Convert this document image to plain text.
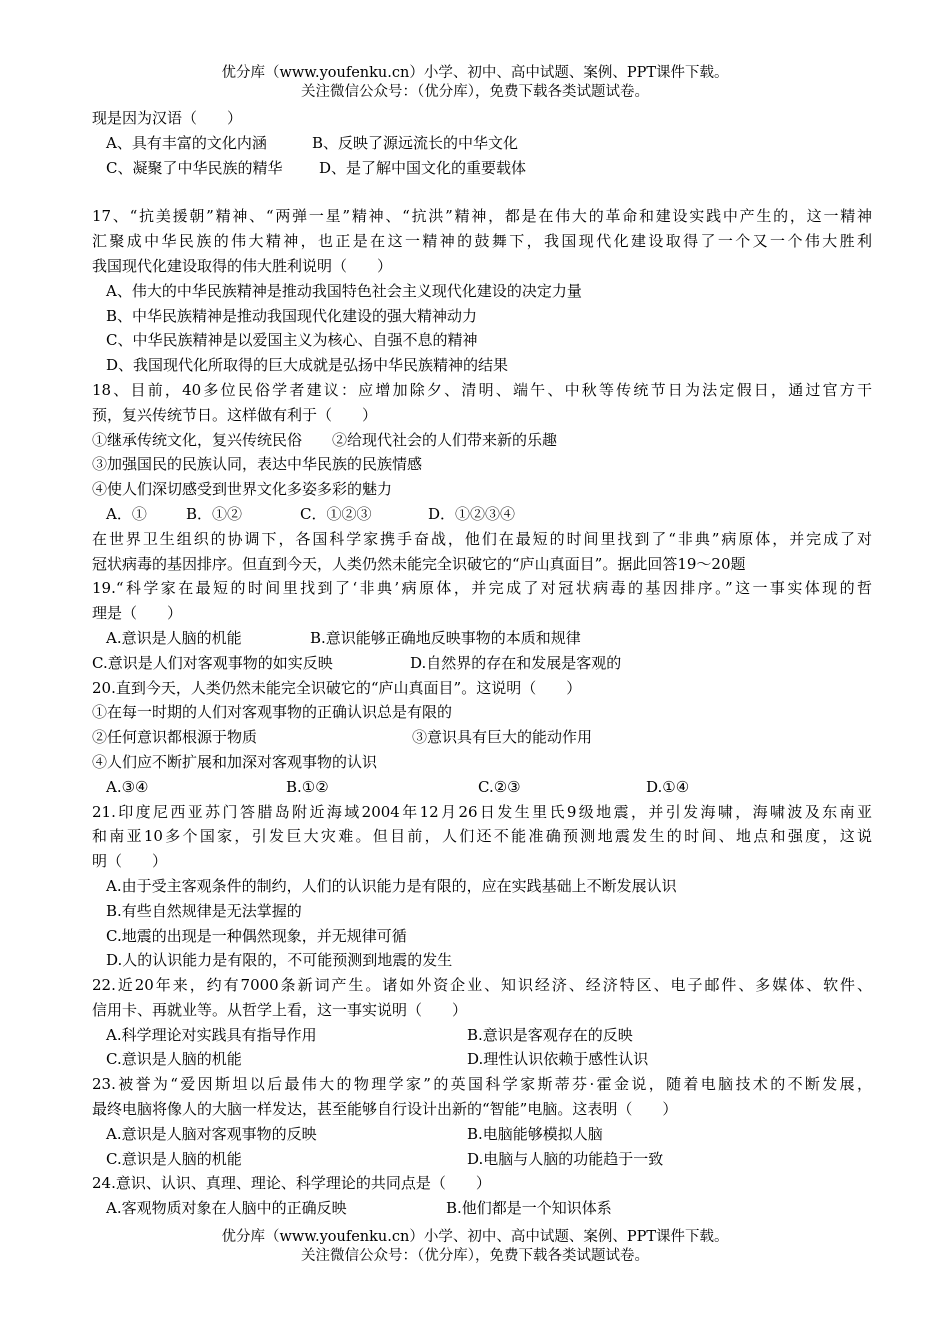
优分库（www.youfenku.cn）小学、初中、高中试题、案例、PPT课件下载。
关注微信公众号：（优分库），免费下载各类试题试卷。
现是因为汉语（　　）
A、具有丰富的文化内涵	B、反映了源远流长的中华文化
C、凝聚了中华民族的精华	D、是了解中国文化的重要载体
17、“抗美援朝”精神、“两弹一星”精神、“抗洪”精神，都是在伟大的革命和建设实践中产生的，这一精神
汇聚成中华民族的伟大精神，也正是在这一精神的鼓舞下，我国现代化建设取得了一个又一个伟大胜利
我国现代化建设取得的伟大胜利说明（　　）
A、伟大的中华民族精神是推动我国特色社会主义现代化建设的决定力量
B、中华民族精神是推动我国现代化建设的强大精神动力
C、中华民族精神是以爱国主义为核心、自强不息的精神
D、我国现代化所取得的巨大成就是弘扬中华民族精神的结果
18、目前，40多位民俗学者建议：应增加除夕、清明、端午、中秋等传统节日为法定假日，通过官方干
预，复兴传统节日。这样做有利于（　　）
①继承传统文化，复兴传统民俗　　②给现代社会的人们带来新的乐趣
③加强国民的民族认同，表达中华民族的民族情感
④使人们深切感受到世界文化多姿多彩的魅力
A．①	B．①②	C．①②③	D．①②③④
在世界卫生组织的协调下，各国科学家携手奋战，他们在最短的时间里找到了“非典”病原体，并完成了对
冠状病毒的基因排序。但直到今天，人类仍然未能完全识破它的“庐山真面目”。据此回答19～20题
19.“科学家在最短的时间里找到了‘非典’病原体，并完成了对冠状病毒的基因排序。”这一事实体现的哲
理是（　　）
A.意识是人脑的机能	B.意识能够正确地反映事物的本质和规律
C.意识是人们对客观事物的如实反映	D.自然界的存在和发展是客观的
20.直到今天，人类仍然未能完全识破它的“庐山真面目”。这说明（　　）
①在每一时期的人们对客观事物的正确认识总是有限的
②任何意识都根源于物质	③意识具有巨大的能动作用
④人们应不断扩展和加深对客观事物的认识
A.③④	B.①②	C.②③	D.①④
21.印度尼西亚苏门答腊岛附近海域2004年12月26日发生里氏9级地震，并引发海啸，海啸波及东南亚
和南亚10多个国家，引发巨大灾难。但目前，人们还不能准确预测地震发生的时间、地点和强度，这说
明（　　）
A.由于受主客观条件的制约，人们的认识能力是有限的，应在实践基础上不断发展认识
B.有些自然规律是无法掌握的
C.地震的出现是一种偶然现象，并无规律可循
D.人的认识能力是有限的，不可能预测到地震的发生
22.近20年来，约有7000条新词产生。诸如外资企业、知识经济、经济特区、电子邮件、多媒体、软件、
信用卡、再就业等。从哲学上看，这一事实说明（　　）
A.科学理论对实践具有指导作用	B.意识是客观存在的反映
C.意识是人脑的机能	D.理性认识依赖于感性认识
23.被誉为“爱因斯坦以后最伟大的物理学家”的英国科学家斯蒂芬·霍金说，随着电脑技术的不断发展，
最终电脑将像人的大脑一样发达，甚至能够自行设计出新的“智能”电脑。这表明（　　）
A.意识是人脑对客观事物的反映	B.电脑能够模拟人脑
C.意识是人脑的机能	D.电脑与人脑的功能趋于一致
24.意识、认识、真理、理论、科学理论的共同点是（　　）
A.客观物质对象在人脑中的正确反映	B.他们都是一个知识体系
优分库（www.youfenku.cn）小学、初中、高中试题、案例、PPT课件下载。
关注微信公众号：（优分库），免费下载各类试题试卷。
